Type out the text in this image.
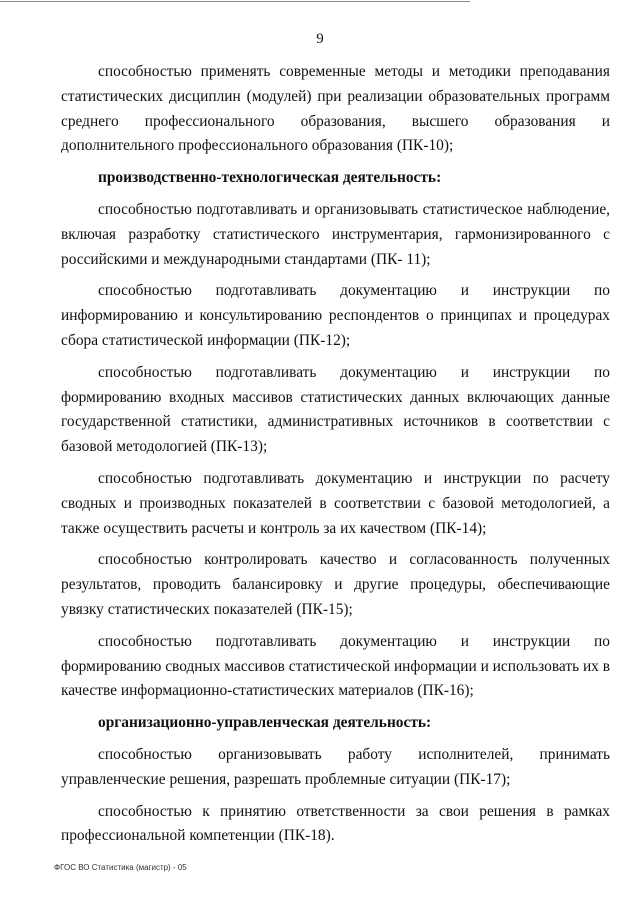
9

способностью применять современные методы и методики преподавания статистических дисциплин (модулей) при реализации образовательных программ среднего профессионального образования, высшего образования и дополнительного профессионального образования (ПК-10);

производственно-технологическая деятельность:

способностью подготавливать и организовывать статистическое наблюдение, включая разработку статистического инструментария, гармонизированного с российскими и международными стандартами (ПК- 11);

способностью подготавливать документацию и инструкции по информированию и консультированию респондентов о принципах и процедурах сбора статистической информации (ПК-12);

способностью подготавливать документацию и инструкции по формированию входных массивов статистических данных включающих данные государственной статистики, административных источников в соответствии с базовой методологией (ПК-13);

способностью подготавливать документацию и инструкции по расчету сводных и производных показателей в соответствии с базовой методологией, а также осуществить расчеты и контроль за их качеством (ПК-14);

способностью контролировать качество и согласованность полученных результатов, проводить балансировку и другие процедуры, обеспечивающие увязку статистических показателей (ПК-15);

способностью подготавливать документацию и инструкции по формированию сводных массивов статистической информации и использовать их в качестве информационно-статистических материалов (ПК-16);

организационно-управленческая деятельность:

способностью организовывать работу исполнителей, принимать управленческие решения, разрешать проблемные ситуации (ПК-17);

способностью к принятию ответственности за свои решения в рамках профессиональной компетенции (ПК-18).

ФГОС ВО Статистика (магистр) - 05
